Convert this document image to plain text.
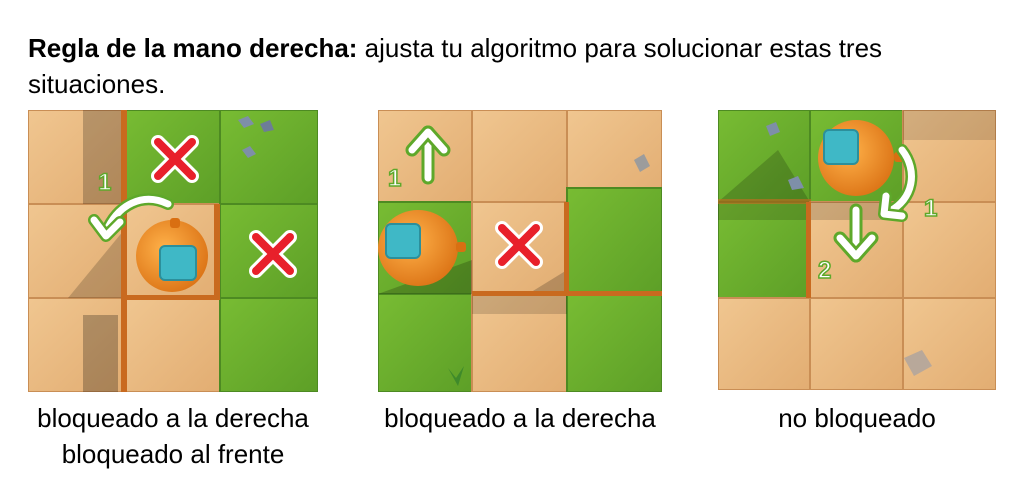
Regla de la mano derecha: ajusta tu algoritmo para solucionar estas tres situaciones.
1
bloqueado a la derecha
bloqueado al frente
1
bloqueado a la derecha
1
2
no bloqueado
